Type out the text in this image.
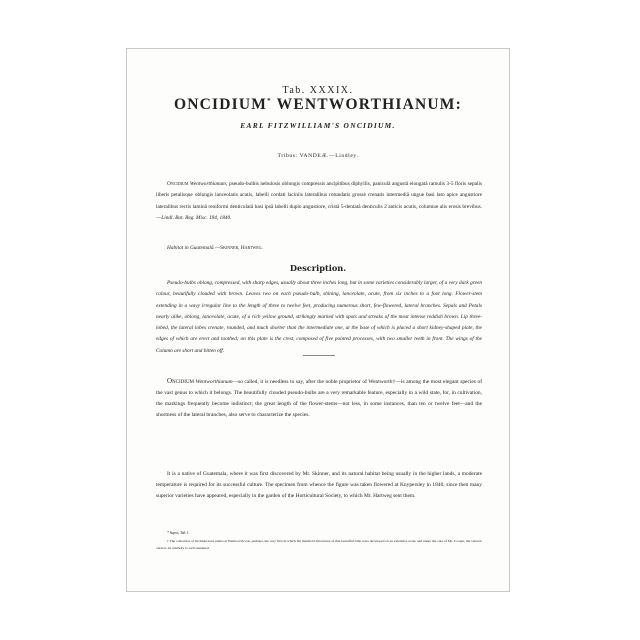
Tab. XXXIX.

ONCIDIUM* WENTWORTHIANUM:

EARL FITZWILLIAM'S ONCIDIUM.

Tribus: VANDEÆ.—Lindley.

Oncidium Wentworthianum; pseudo-bulbis nebulosis oblongis compressis ancipitibus diphyllis, paniculâ angustâ elongatâ ramulis 3-5 floris sepalis liberis petalisque oblongis lanceolatis acutis, labelli cordati laciniis lateralibus rotundatis grossè crenatis intermediâ ungue basi lato apice angustiore lateralibus rectis laminâ reniformi denticulatâ basi ipsâ labelli duplo angustiore, cristâ 5-dentatâ denticulis 2 anticis acutis, columnæ alis erosis brevibus.—Lindl. Bot. Reg. Misc. 194, 1840.

Habitat in Guatemalâ.—Skinner, Hartweg.

Description.

Pseudo-bulbs oblong, compressed, with sharp edges, usually about three inches long, but in some varieties considerably larger, of a very dark green colour, beautifully clouded with brown. Leaves two on each pseudo-bulb, shining, lanceolate, acute, from six inches to a foot long. Flower-stem extending in a wavy irregular line to the length of three to twelve feet, producing numerous short, few-flowered, lateral branches. Sepals and Petals nearly alike, oblong, lanceolate, acute, of a rich yellow ground, strikingly marked with spots and streaks of the most intense reddish brown. Lip three-lobed, the lateral lobes crenate, rounded, and much shorter than the intermediate one, at the base of which is placed a short kidney-shaped plate, the edges of which are erect and toothed; on this plate is the crest, composed of five pointed processes, with two smaller teeth in front. The wings of the Column are short and bitten off.

Oncidium Wentworthianum—so called, it is needless to say, after the noble proprietor of Wentworth†—is among the most elegant species of the vast genus to which it belongs. The beautifully clouded pseudo-bulbs are a very remarkable feature, especially in a wild state, for, in cultivation, the markings frequently become indistinct; the great length of the flower-stems—not less, in some instances, than ten or twelve feet—and the shortness of the lateral branches, also serve to characterize the species.

It is a native of Guatemala, where it was first discovered by Mr. Skinner, and its natural habitat being usually in the higher lands, a moderate temperature is required for its successful culture. The specimen from whence the figure was taken flowered at Knypersley in 1840, since then many superior varieties have appeared, especially in the garden of the Horticultural Society, to which Mr. Hartweg sent them.

* Supra, Tab. I.

† The collection of Orchidaceous plants at Wentworth was, perhaps, the very first in which the manifold attractions of this beautiful tribe were developed on an extensive scale, and under the care of Mr. Cooper, the veteran curator, its celebrity is well sustained.
